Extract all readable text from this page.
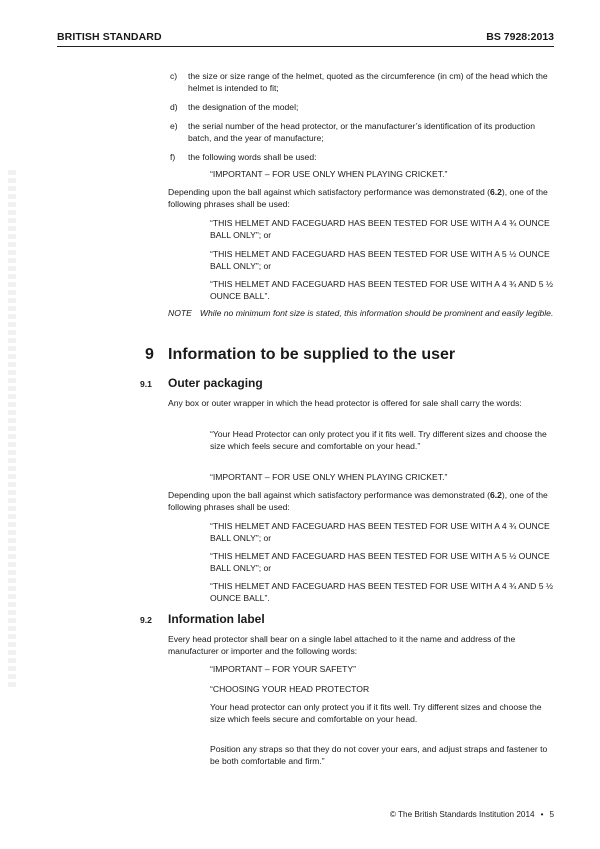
BRITISH STANDARD	BS 7928:2013
c) the size or size range of the helmet, quoted as the circumference (in cm) of the head which the helmet is intended to fit;

d) the designation of the model;

e) the serial number of the head protector, or the manufacturer’s identification of its production batch, and the year of manufacture;

f) the following words shall be used:

“IMPORTANT – FOR USE ONLY WHEN PLAYING CRICKET.”

Depending upon the ball against which satisfactory performance was demonstrated (6.2), one of the following phrases shall be used:

“THIS HELMET AND FACEGUARD HAS BEEN TESTED FOR USE WITH A 4 ¾ OUNCE BALL ONLY”; or

“THIS HELMET AND FACEGUARD HAS BEEN TESTED FOR USE WITH A 5 ½ OUNCE BALL ONLY”; or

“THIS HELMET AND FACEGUARD HAS BEEN TESTED FOR USE WITH A 4 ¾ AND 5 ½ OUNCE BALL”.

NOTE While no minimum font size is stated, this information should be prominent and easily legible.

9 Information to be supplied to the user
9.1 Outer packaging

Any box or outer wrapper in which the head protector is offered for sale shall carry the words:

“Your Head Protector can only protect you if it fits well. Try different sizes and choose the size which feels secure and comfortable on your head.”

“IMPORTANT – FOR USE ONLY WHEN PLAYING CRICKET.”

Depending upon the ball against which satisfactory performance was demonstrated (6.2), one of the following phrases shall be used:

“THIS HELMET AND FACEGUARD HAS BEEN TESTED FOR USE WITH A 4 ¾ OUNCE BALL ONLY”; or

“THIS HELMET AND FACEGUARD HAS BEEN TESTED FOR USE WITH A 5 ½ OUNCE BALL ONLY”; or

“THIS HELMET AND FACEGUARD HAS BEEN TESTED FOR USE WITH A 4 ¾ AND 5 ½ OUNCE BALL”.

9.2 Information label

Every head protector shall bear on a single label attached to it the name and address of the manufacturer or importer and the following words:

“IMPORTANT – FOR YOUR SAFETY”

“CHOOSING YOUR HEAD PROTECTOR

Your head protector can only protect you if it fits well. Try different sizes and choose the size which feels secure and comfortable on your head.

Position any straps so that they do not cover your ears, and adjust straps and fastener to be both comfortable and firm.”

© The British Standards Institution 2014 • 5
